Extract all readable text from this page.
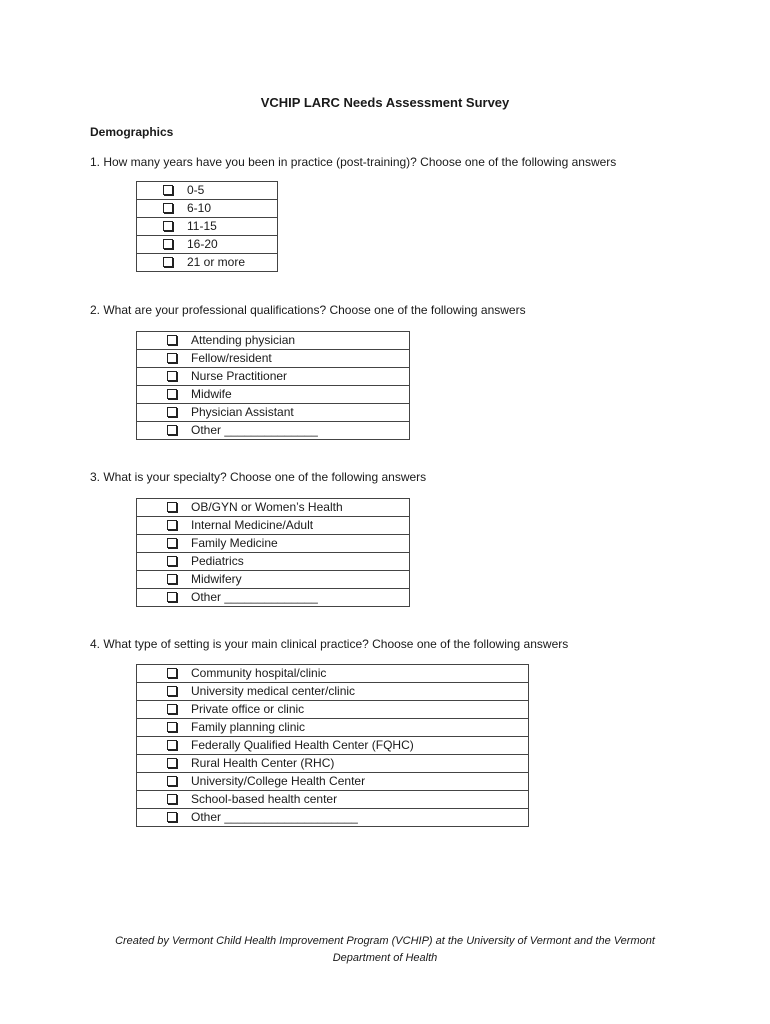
VCHIP LARC Needs Assessment Survey
Demographics
1. How many years have you been in practice (post-training)? Choose one of the following answers
0-5
6-10
11-15
16-20
21 or more
2. What are your professional qualifications? Choose one of the following answers
Attending physician
Fellow/resident
Nurse Practitioner
Midwife
Physician Assistant
Other ______________
3. What is your specialty? Choose one of the following answers
OB/GYN or Women’s Health
Internal Medicine/Adult
Family Medicine
Pediatrics
Midwifery
Other ______________
4. What type of setting is your main clinical practice? Choose one of the following answers
Community hospital/clinic
University medical center/clinic
Private office or clinic
Family planning clinic
Federally Qualified Health Center (FQHC)
Rural Health Center (RHC)
University/College Health Center
School-based health center
Other ____________________
Created by Vermont Child Health Improvement Program (VCHIP) at the University of Vermont and the Vermont Department of Health
